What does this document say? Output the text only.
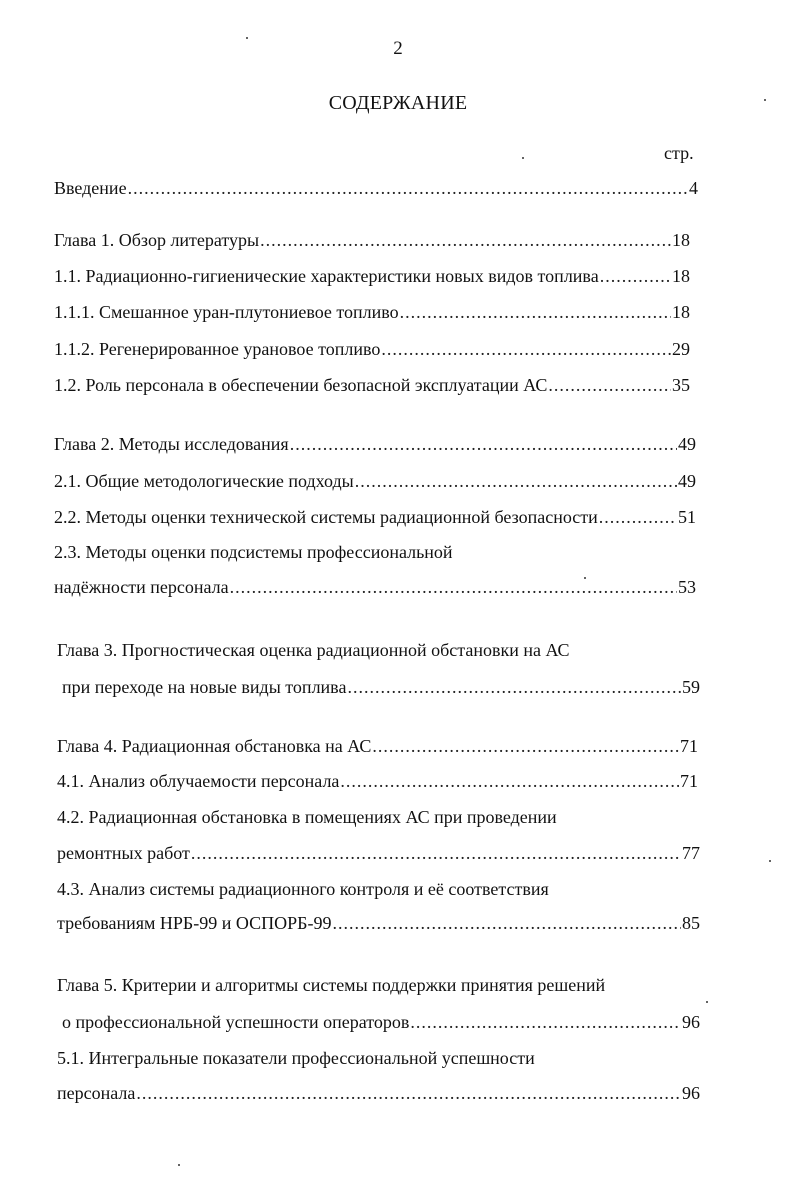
2
СОДЕРЖАНИЕ
стр.
Введение .....	4
Глава 1. Обзор литературы .....	18
1.1. Радиационно-гигиенические характеристики новых видов топлива .....	18
1.1.1. Смешанное уран-плутониевое топливо .....	18
1.1.2. Регенерированное урановое топливо .....	29
1.2. Роль персонала в обеспечении безопасной эксплуатации АС .....	35
Глава 2. Методы исследования .....	49
2.1. Общие методологические подходы .....	49
2.2. Методы оценки технической системы радиационной безопасности .....	51
2.3. Методы оценки подсистемы профессиональной
надёжности персонала .....	53
Глава 3. Прогностическая оценка радиационной обстановки на АС
при переходе на новые виды топлива .....	59
Глава 4. Радиационная обстановка на АС .....	71
4.1. Анализ облучаемости персонала .....	71
4.2. Радиационная обстановка в помещениях АС при проведении
ремонтных работ .....	77
4.3. Анализ системы радиационного контроля и её соответствия
требованиям НРБ-99 и ОСПОРБ-99 .....	85
Глава 5. Критерии и алгоритмы системы поддержки принятия решений
о профессиональной успешности операторов .....	96
5.1. Интегральные показатели профессиональной успешности
персонала .....	96
